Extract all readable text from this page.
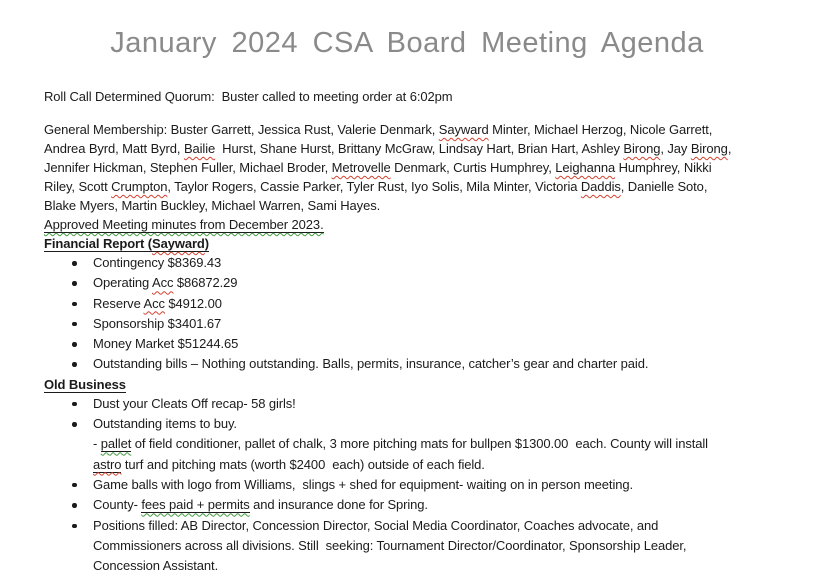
January 2024 CSA Board Meeting Agenda
Roll Call Determined Quorum:  Buster called to meeting order at 6:02pm
General Membership: Buster Garrett, Jessica Rust, Valerie Denmark, Sayward Minter, Michael Herzog, Nicole Garrett,
Andrea Byrd, Matt Byrd, Bailie  Hurst, Shane Hurst, Brittany McGraw, Lindsay Hart, Brian Hart, Ashley Birong, Jay Birong,
Jennifer Hickman, Stephen Fuller, Michael Broder, Metrovelle Denmark, Curtis Humphrey, Leighanna Humphrey, Nikki
Riley, Scott Crumpton, Taylor Rogers, Cassie Parker, Tyler Rust, Iyo Solis, Mila Minter, Victoria Daddis, Danielle Soto,
Blake Myers, Martin Buckley, Michael Warren, Sami Hayes.
Approved Meeting minutes from December 2023.
Financial Report (Sayward)
Contingency $8369.43
Operating Acc $86872.29
Reserve Acc $4912.00
Sponsorship $3401.67
Money Market $51244.65
Outstanding bills – Nothing outstanding. Balls, permits, insurance, catcher’s gear and charter paid.
Old Business
Dust your Cleats Off recap- 58 girls!
Outstanding items to buy.
- pallet of field conditioner, pallet of chalk, 3 more pitching mats for bullpen $1300.00  each. County will install
astro turf and pitching mats (worth $2400  each) outside of each field.
Game balls with logo from Williams,  slings + shed for equipment- waiting on in person meeting.
County- fees paid + permits and insurance done for Spring.
Positions filled: AB Director, Concession Director, Social Media Coordinator, Coaches advocate, and
Commissioners across all divisions. Still  seeking: Tournament Director/Coordinator, Sponsorship Leader,
Concession Assistant.
